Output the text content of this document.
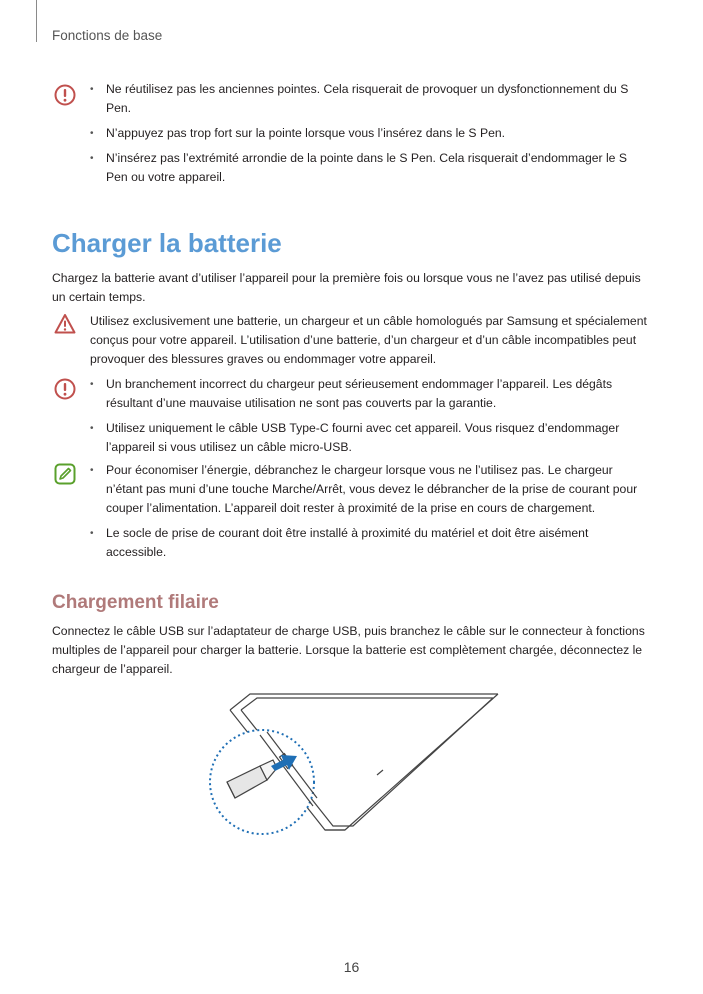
Fonctions de base
• Ne réutilisez pas les anciennes pointes. Cela risquerait de provoquer un dysfonctionnement du S Pen.
• N’appuyez pas trop fort sur la pointe lorsque vous l’insérez dans le S Pen.
• N’insérez pas l’extrémité arrondie de la pointe dans le S Pen. Cela risquerait d’endommager le S Pen ou votre appareil.
Charger la batterie

Chargez la batterie avant d’utiliser l’appareil pour la première fois ou lorsque vous ne l’avez pas utilisé depuis un certain temps.

Utilisez exclusivement une batterie, un chargeur et un câble homologués par Samsung et spécialement conçus pour votre appareil. L’utilisation d’une batterie, d’un chargeur et d’un câble incompatibles peut provoquer des blessures graves ou endommager votre appareil.

• Un branchement incorrect du chargeur peut sérieusement endommager l’appareil. Les dégâts résultant d’une mauvaise utilisation ne sont pas couverts par la garantie.
• Utilisez uniquement le câble USB Type-C fourni avec cet appareil. Vous risquez d’endommager l’appareil si vous utilisez un câble micro-USB.
• Pour économiser l’énergie, débranchez le chargeur lorsque vous ne l’utilisez pas. Le chargeur n’étant pas muni d’une touche Marche/Arrêt, vous devez le débrancher de la prise de courant pour couper l’alimentation. L’appareil doit rester à proximité de la prise en cours de chargement.
• Le socle de prise de courant doit être installé à proximité du matériel et doit être aisément accessible.
Chargement filaire

Connectez le câble USB sur l’adaptateur de charge USB, puis branchez le câble sur le connecteur à fonctions multiples de l’appareil pour charger la batterie. Lorsque la batterie est complètement chargée, déconnectez le chargeur de l’appareil.

16
